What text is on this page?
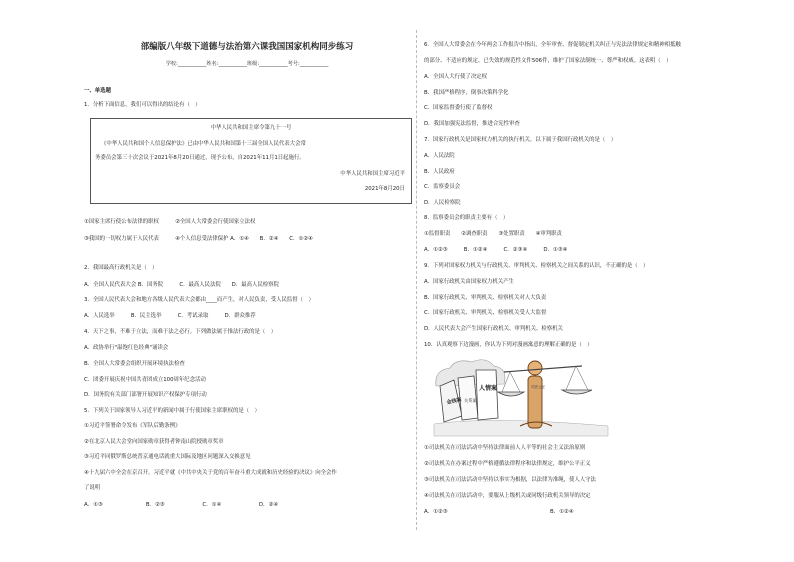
部编版八年级下道德与法治第六课我国国家机构同步练习
学校:___________姓名:___________班级:___________考号:___________
一、单选题
1．分析下面信息，我们可以得出的结论有（　）
中华人民共和国主席令第九十一号
《中华人民共和国个人信息保护法》已由中华人民共和国第十三届全国人民代表大会常
务委员会第三十次会议于2021年8月20日通过，现予公布，自2021年11月1日起施行。
中华人民共和国主席习近平
2021年8月20日
①国家主席行使公布法律的职权　　　②全国人大常委会行使国家立法权
③我国的一切权力属于人民代表　　　④个人信息受法律保护 A．①④　　B．②④　　C．①②④
2．我国最高行政机关是（　）
A．全国人民代表大会 B．国务院　　　C．最高人民法院　　D．最高人民检察院
3．全国人民代表大会和地方各级人民代表大会都由____而产生，对人民负责，受人民监督（　）
A．人民选举　　　B．民主选举　　　C．考试录取　　　D．群众推荐
4．天下之事，不难于立法，而难于法之必行。下列做法属于推法行政的是（　）
A．政协举行"温饱红色经典"诵读会
B．全国人大常委会组织开展环境执法检查
C．团委开展庆祝中国共青团成立100周年纪念活动
D．国务院有关部门部署开展知识产权保护专项行动
5．下列关于国家领导人习近平的新闻中属于行使国家主席职权的是（　）
①习近平签署命令发布《军队后勤条例》
②在北京人民大会堂向国家勋章获得者钟南山院授勋章奖章
③习近平同俄罗斯总统普京通电话就重大国际及地区问题深入交换意见
④十九届六中全会在京召开，习近平就《中共中央关于党的百年奋斗重大成就和历史经验的决议》向全会作
了说明
A．①③　　　　　　　　B．②③　　　　　　　C．①④　　　　　　　D．②④
6．全国人大常委会在今年两会工作报告中指出，全年审查、督促制定机关纠正与宪法法律规定和精神相抵触
的部分、不适应的规定、已失效的规范性文件506件，维护了国家法制统一、尊严和权威。这表明（　）
A．全国人大行使了决定权
B．我国严格程序，倒事决策科学化
C．国家监督委行使了监督权
D．我国加强宪法监督，推进合宪性审查
7．国家行政机关是国家权力机关的执行机关。以下属于我国行政机关的是（　）
A．人民法院
B．人民政府
C．监察委员会
D．人民检察院
8．监察委员会的职责主要有（　）
①监督职责　　②调查职责　　③处置职责　　④审判职责
A．①②③　　　B．①②④　　　C．②③④　　　D．①③④
9．下列对国家权力机关与行政机关、审判机关、检察机关之间关系的认识，不正确的是（　）
A．国家行政机关由国家权力机关产生
B．国家行政机关、审判机关、检察机关对人大负责
C．国家行政机关、审判机关、检察机关受人大监督
D．人民代表大会产生国家行政机关、审判机关、检察机关
10．认真观察下边漫画，你认为下列对漫画寓意的理解正确的是（　）
金钱案 关系案
人情案	司法公正
①司法机关在司法活动中坚持法律面前人人平等的社会主义法治原则
②司法机关在办案过程中严格遵循法律程序和法律规定，维护公平正义
③司法机关在司法活动中坚持以事实为根据，以法律为准绳，使人人守法
④司法机关在司法活动中，要服从上级机关或同级行政机关领导的决定
A．①②③　　　　　　　　　　　　　　　　　　　B．①②④
